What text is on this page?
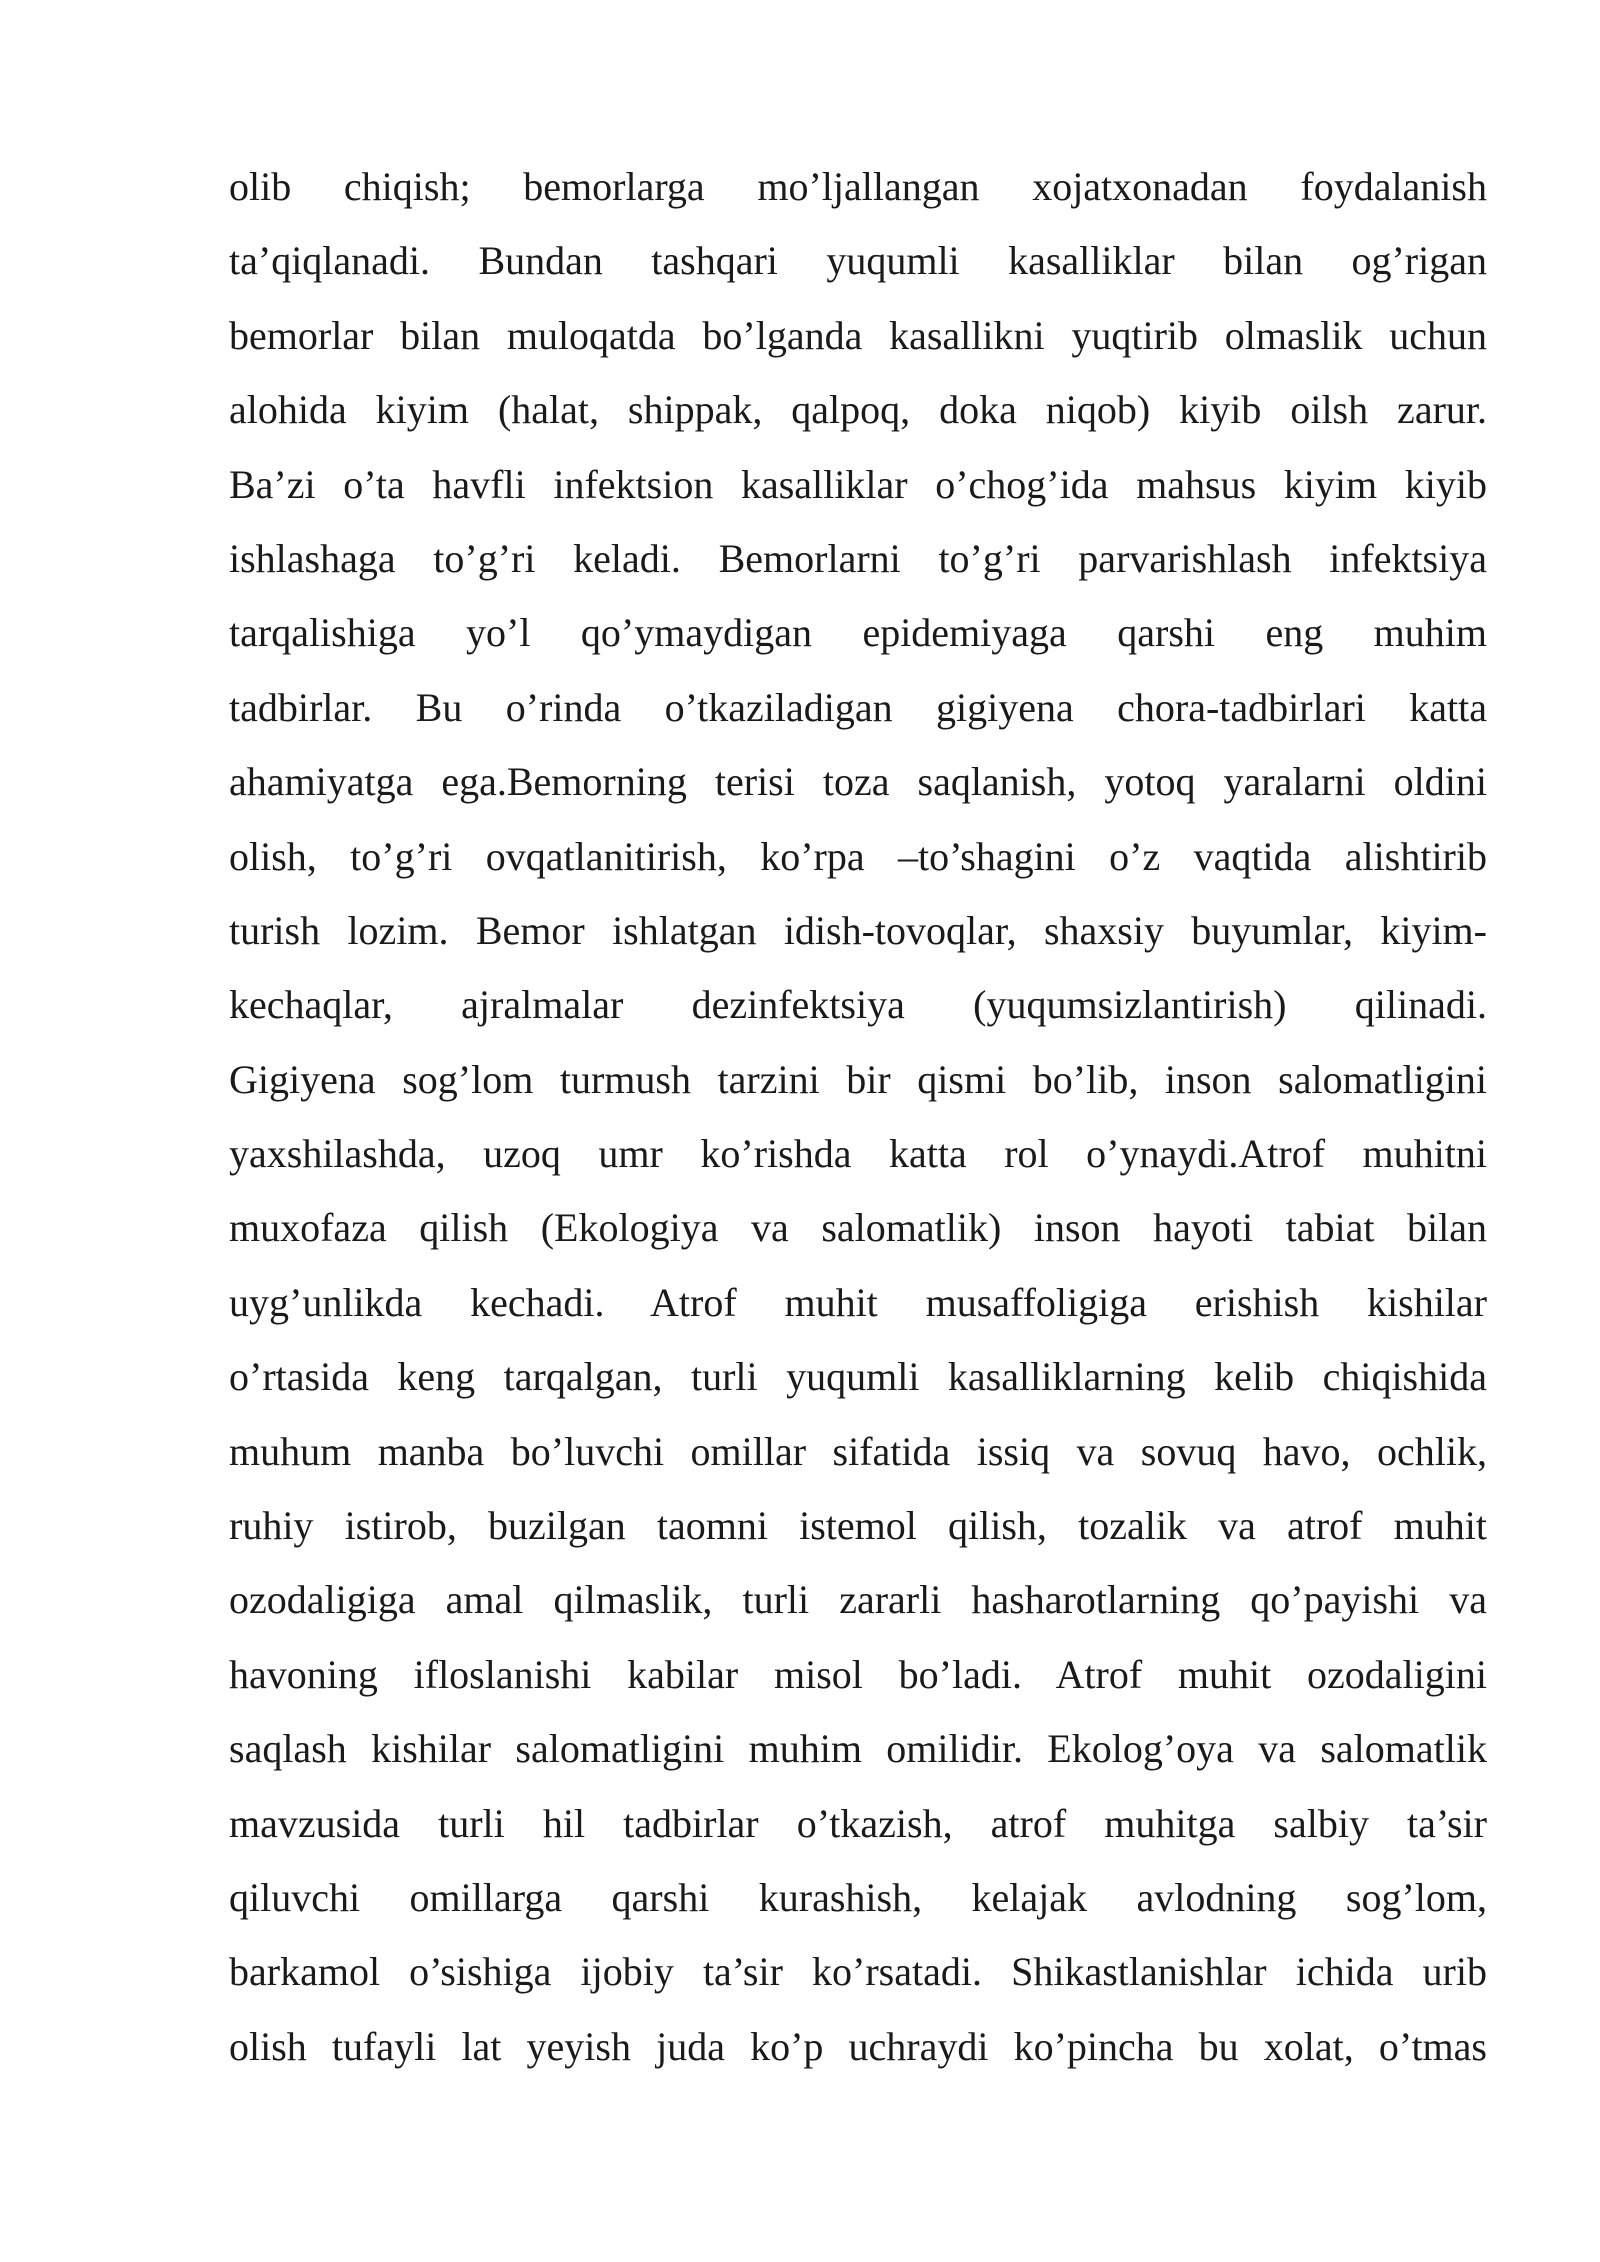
olib chiqish; bemorlarga mo’ljallangan xojatxonadan foydalanish
ta’qiqlanadi. Bundan tashqari yuqumli kasalliklar bilan og’rigan
bemorlar bilan muloqatda bo’lganda kasallikni yuqtirib olmaslik uchun
alohida kiyim (halat, shippak, qalpoq, doka niqob) kiyib oilsh zarur.
Ba’zi o’ta havfli infektsion kasalliklar o’chog’ida mahsus kiyim kiyib
ishlashaga to’g’ri keladi. Bemorlarni to’g’ri parvarishlash infektsiya
tarqalishiga yo’l qo’ymaydigan epidemiyaga qarshi eng muhim
tadbirlar. Bu o’rinda o’tkaziladigan gigiyena chora-tadbirlari katta
ahamiyatga ega.Bemorning terisi toza saqlanish, yotoq yaralarni oldini
olish, to’g’ri ovqatlanitirish, ko’rpa –to’shagini o’z vaqtida alishtirib
turish lozim. Bemor ishlatgan idish-tovoqlar, shaxsiy buyumlar, kiyim-
kechaqlar, ajralmalar dezinfektsiya (yuqumsizlantirish) qilinadi.
Gigiyena sog’lom turmush tarzini bir qismi bo’lib, inson salomatligini
yaxshilashda, uzoq umr ko’rishda katta rol o’ynaydi.Atrof muhitni
muxofaza qilish (Ekologiya va salomatlik) inson hayoti tabiat bilan
uyg’unlikda kechadi. Atrof muhit musaffoligiga erishish kishilar
o’rtasida keng tarqalgan, turli yuqumli kasalliklarning kelib chiqishida
muhum manba bo’luvchi omillar sifatida issiq va sovuq havo, ochlik,
ruhiy istirob, buzilgan taomni istemol qilish, tozalik va atrof muhit
ozodaligiga amal qilmaslik, turli zararli hasharotlarning qo’payishi va
havoning ifloslanishi kabilar misol bo’ladi. Atrof muhit ozodaligini
saqlash kishilar salomatligini muhim omilidir. Ekolog’oya va salomatlik
mavzusida turli hil tadbirlar o’tkazish, atrof muhitga salbiy ta’sir
qiluvchi omillarga qarshi kurashish, kelajak avlodning sog’lom,
barkamol o’sishiga ijobiy ta’sir ko’rsatadi. Shikastlanishlar ichida urib
olish tufayli lat yeyish juda ko’p uchraydi ko’pincha bu xolat, o’tmas
